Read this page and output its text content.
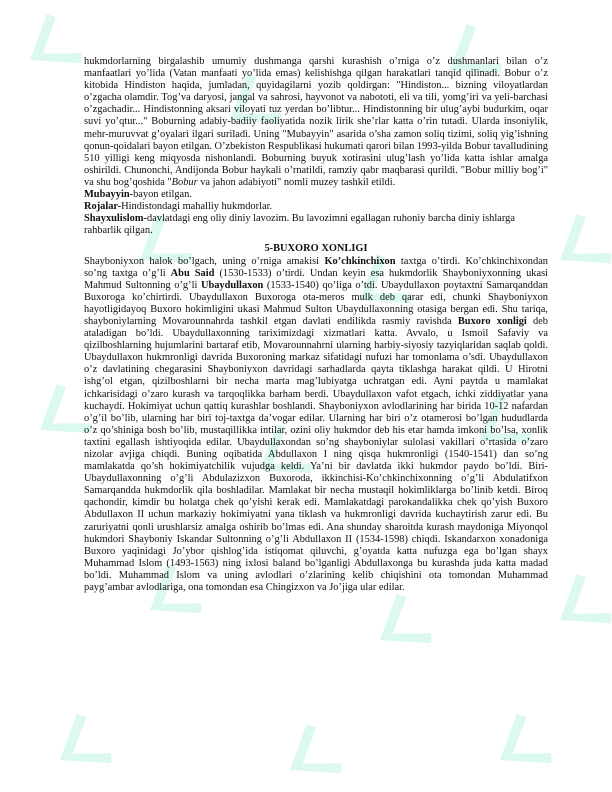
hukmdorlarning birgalashib umumiy dushmanga qarshi kurashish o’rniga o’z dushmanlari bilan o’z manfaatlari yo’lida (Vatan manfaati yo’lida emas) kelishishga qilgan harakatlari tanqid qilinadi. Bobur o’z kitobida Hindiston haqida, jumladan, quyidagilarni yozib qoldirgan: "Hindiston... bizning viloyatlardan o’zgacha olamdir. Tog’va daryosi, jangal va sahrosi, hayvonot va nabototi, eli va tili, yomg’iri va yeli-barchasi o’zgachadir... Hindistonning aksari viloyati tuz yerdan bo’libtur... Hindistonning bir ulug’aybi budurkim, oqar suvi yo’qtur..." Boburning adabiy-badiiy faoliyatida nozik lirik she’rlar katta o’rin tutadi. Ularda insoniylik, mehr-muruvvat g’oyalari ilgari suriladi. Uning "Mubayyin" asarida o’sha zamon soliq tizimi, soliq yig’ishning qonun-qoidalari bayon etilgan. O’zbekiston Respublikasi hukumati qarori bilan 1993-yilda Bobur tavalludining 510 yilligi keng miqyosda nishonlandi. Boburning buyuk xotirasini ulug’lash yo’lida katta ishlar amalga oshirildi. Chunonchi, Andijonda Bobur haykali o’rnatildi, ramziy qabr maqbarasi qurildi. "Bobur milliy bog’i" va shu bog’qoshida "Bobur va jahon adabiyoti" nomli muzey tashkil etildi.

Mubayyin-bayon etilgan.

Rojalar-Hindistondagi mahalliy hukmdorlar.

Shayxulislom-davlatdagi eng oliy diniy lavozim. Bu lavozimni egallagan ruhoniy barcha diniy ishlarga rahbarlik qilgan.

5-BUXORO XONLIGI

Shayboniyxon halok bo’lgach, uning o’rniga amakisi Ko’chkinchixon taxtga o’tirdi. Ko’chkinchixondan so’ng taxtga o’g’li Abu Said (1530-1533) o’tirdi. Undan keyin esa hukmdorlik Shayboniyxonning ukasi Mahmud Sultonning o’g’li Ubaydullaxon (1533-1540) qo’liga o’tdi. Ubaydullaxon poytaxtni Samarqanddan Buxoroga ko’chirtirdi. Ubaydullaxon Buxoroga ota-meros mulk deb qarar edi, chunki Shayboniyxon hayotligidayoq Buxoro hokimligini ukasi Mahmud Sulton Ubaydullaxonning otasiga bergan edi. Shu tariqa, shayboniylarning Movarounnahrda tashkil etgan davlati endilikda rasmiy ravishda Buxoro xonligi deb ataladigan bo’ldi. Ubaydullaxonning tariximizdagi xizmatlari katta. Avvalo, u Ismoil Safaviy va qizilboshlarning hujumlarini bartaraf etib, Movarounnahrni ularning harbiy-siyosiy tazyiqlaridan saqlab qoldi. Ubaydullaxon hukmronligi davrida Buxoroning markaz sifatidagi nufuzi har tomonlama o’sdi. Ubaydullaxon o’z davlatining chegarasini Shayboniyxon davridagi sarhadlarda qayta tiklashga harakat qildi. U Hirotni ishg’ol etgan, qizilboshlarni bir necha marta mag’lubiyatga uchratgan edi. Ayni paytda u mamlakat ichkarisidagi o’zaro kurash va tarqoqlikka barham berdi. Ubaydullaxon vafot etgach, ichki ziddiyatlar yana kuchaydi. Hokimiyat uchun qattiq kurashlar boshlandi. Shayboniyxon avlodlarining har birida 10-12 nafardan o’g’il bo’lib, ularning har biri toj-taxtga da’vogar edilar. Ularning har biri o’z otamerosi bo’lgan hududlarda o’z qo’shiniga bosh bo’lib, mustaqillikka intilar, ozini oliy hukmdor deb his etar hamda imkoni bo’lsa, xonlik taxtini egallash ishtiyoqida edilar. Ubaydullaxondan so’ng shayboniylar sulolasi vakillari o’rtasida o’zaro nizolar avjiga chiqdi. Buning oqibatida Abdullaxon I ning qisqa hukmronligi (1540-1541) dan so’ng mamlakatda qo’sh hokimiyatchilik vujudga keldi. Ya’ni bir davlatda ikki hukmdor paydo bo’ldi. Biri-Ubaydullaxonning o’g’li Abdulazizxon Buxoroda, ikkinchisi-Ko’chkinchixonning o’g’li Abdulatifxon Samarqandda hukmdorlik qila boshladilar. Mamlakat bir necha mustaqil hokimliklarga bo’linib ketdi. Biroq qachondir, kimdir bu holatga chek qo’yishi kerak edi. Mamlakatdagi parokandalikka chek qo’yish Buxoro Abdullaxon II uchun markaziy hokimiyatni yana tiklash va hukmronligi davrida kuchaytirish zarur edi. Bu zaruriyatni qonli urushlarsiz amalga oshirib bo’lmas edi. Ana shunday sharoitda kurash maydoniga Miyonqol hukmdori Shayboniy Iskandar Sultonning o’g’li Abdullaxon II (1534-1598) chiqdi. Iskandarxon xonadoniga Buxoro yaqinidagi Jo’ybor qishlog’ida istiqomat qiluvchi, g’oyatda katta nufuzga ega bo’lgan shayx Muhammad Islom (1493-1563) ning ixlosi baland bo’lganligi Abdullaxonga bu kurashda juda katta madad bo’ldi. Muhammad Islom va uning avlodlari o’zlarining kelib chiqishini ota tomondan Muhammad payg’ambar avlodlariga, ona tomondan esa Chingizxon va Jo’jiga ular edilar.
